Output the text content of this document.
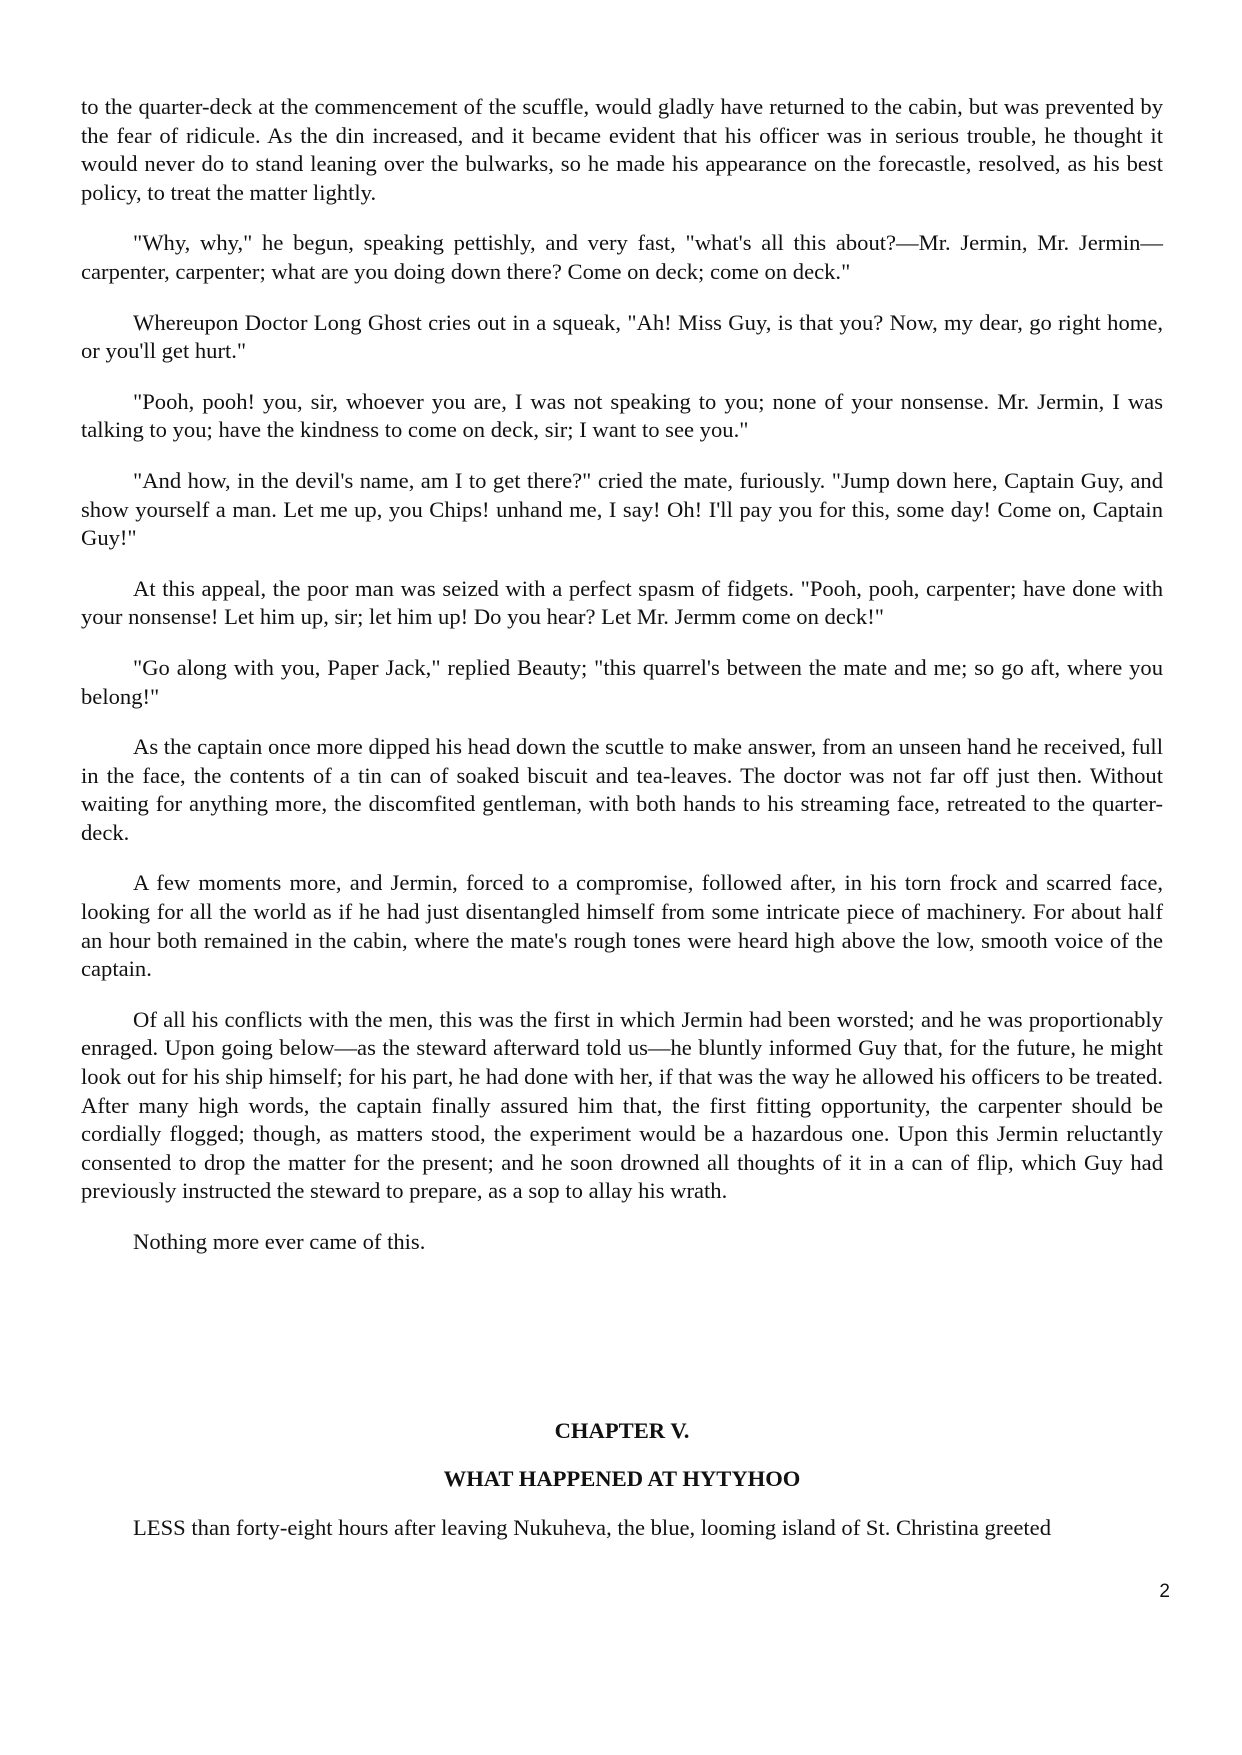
to the quarter-deck at the commencement of the scuffle, would gladly have returned to the cabin, but was prevented by the fear of ridicule. As the din increased, and it became evident that his officer was in serious trouble, he thought it would never do to stand leaning over the bulwarks, so he made his appearance on the forecastle, resolved, as his best policy, to treat the matter lightly.

"Why, why," he begun, speaking pettishly, and very fast, "what's all this about?—Mr. Jermin, Mr. Jermin—carpenter, carpenter; what are you doing down there? Come on deck; come on deck."

Whereupon Doctor Long Ghost cries out in a squeak, "Ah! Miss Guy, is that you? Now, my dear, go right home, or you'll get hurt."

"Pooh, pooh! you, sir, whoever you are, I was not speaking to you; none of your nonsense. Mr. Jermin, I was talking to you; have the kindness to come on deck, sir; I want to see you."

"And how, in the devil's name, am I to get there?" cried the mate, furiously. "Jump down here, Captain Guy, and show yourself a man. Let me up, you Chips! unhand me, I say! Oh! I'll pay you for this, some day! Come on, Captain Guy!"

At this appeal, the poor man was seized with a perfect spasm of fidgets. "Pooh, pooh, carpenter; have done with your nonsense! Let him up, sir; let him up! Do you hear? Let Mr. Jermm come on deck!"

"Go along with you, Paper Jack," replied Beauty; "this quarrel's between the mate and me; so go aft, where you belong!"

As the captain once more dipped his head down the scuttle to make answer, from an unseen hand he received, full in the face, the contents of a tin can of soaked biscuit and tea-leaves. The doctor was not far off just then. Without waiting for anything more, the discomfited gentleman, with both hands to his streaming face, retreated to the quarter-deck.

A few moments more, and Jermin, forced to a compromise, followed after, in his torn frock and scarred face, looking for all the world as if he had just disentangled himself from some intricate piece of machinery. For about half an hour both remained in the cabin, where the mate's rough tones were heard high above the low, smooth voice of the captain.

Of all his conflicts with the men, this was the first in which Jermin had been worsted; and he was proportionably enraged. Upon going below—as the steward afterward told us—he bluntly informed Guy that, for the future, he might look out for his ship himself; for his part, he had done with her, if that was the way he allowed his officers to be treated. After many high words, the captain finally assured him that, the first fitting opportunity, the carpenter should be cordially flogged; though, as matters stood, the experiment would be a hazardous one. Upon this Jermin reluctantly consented to drop the matter for the present; and he soon drowned all thoughts of it in a can of flip, which Guy had previously instructed the steward to prepare, as a sop to allay his wrath.

Nothing more ever came of this.

CHAPTER V.
WHAT HAPPENED AT HYTYHOO

LESS than forty-eight hours after leaving Nukuheva, the blue, looming island of St. Christina greeted

2
